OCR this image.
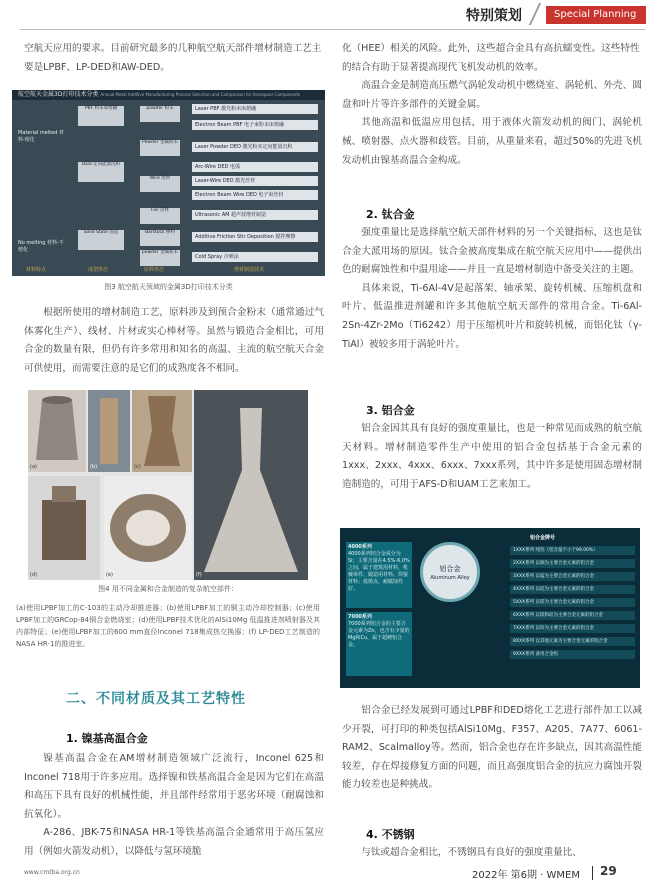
特别策划	Special Planning

空航天应用的要求。目前研究最多的几种航空航天部件增材制造工艺主要是LPBF、LP-DED和AW-DED。

航空航天金属3D打印技术分类 Annual Metal Additive Manufacturing Process Selection and Comparison for Aerospace Components
Material melted 材料-熔化
No melting 材料-不熔化
PBF 粉末床熔融
DED 定向能量沉积
Solid State 固态
powder 粉末
Powder 金属粉末
Wire 丝材
Foil 箔材
Barstock 棒料
powder 金属粉末
Laser PBF 激光粉末床熔融
Electron Beam PBF 电子束粉末床熔融
Laser Powder DED 激光粉末定向能量沉积
Arc-Wire DED 电弧
Laser-Wire DED 激光丝材
Electron Beam Wire DED 电子束丝材
Ultrasonic AM 超声波增材制造
Additive Friction Stir Deposition 搅拌摩擦
Cold Spray 冷喷涂
材料特点	成型形态	原料形态	增材制造技术
图3 航空航天领域的金属3D打印技术分类

根据所使用的增材制造工艺，原料涉及到预合金粉末（通常通过气体雾化生产）、线材、片材或实心棒材等。虽然与锻造合金相比，可用合金的数量有限，但仍有许多常用和知名的高温、主流的航空航天合金可供使用，而需要注意的是它们的成熟度各不相同。

(a)	(b)	(c)
(f)
(d)	(e)
图4 用不同金属和合金制造的复杂航空部件：
(a)使用LPBF加工的C-103的主动冷却推进器；(b)使用LPBF加工的铜主动冷却控制器；(c)使用LPBF加工的GRCop-84铜合金燃烧室；(d)使用LPBF技术优化的AlSi10Mg 低温推进剂喷射器及其内部特征；(e)使用LPBF加工的600 mm直径Inconel 718集成热交换器；(f) LP-DED工艺制造的NASA HR-1的推进室。
二、不同材质及其工艺特性
1. 镍基高温合金

镍基高温合金在AM增材制造领域广泛流行，Inconel 625和Inconel 718用于许多应用。选择镍和铁基高温合金是因为它们在高温和高压下具有良好的机械性能，并且部件经常用于恶劣环境（耐腐蚀和抗氧化）。

A-286、JBK-75和NASA HR-1等铁基高温合金通常用于高压氢应用（例如火箭发动机），以降低与氢环境脆

化（HEE）相关的风险。此外，这些超合金具有高抗蠕变性。这些特性的结合有助于显著提高现代飞机发动机的效率。

高温合金是制造高压燃气涡轮发动机中燃烧室、涡轮机、外壳、圆盘和叶片等许多部件的关键金属。

其他高温和低温应用包括，用于液体火箭发动机的阀门、涡轮机械、喷射器、点火器和歧管。目前，从重量来看，超过50%的先进飞机发动机由镍基高温合金构成。

2. 钛合金

强度重量比是选择航空航天部件材料的另一个关键指标，这也是钛合金大派用场的原因。钛合金被高度集成在航空航天应用中——提供出色的耐腐蚀性和中温用途——并且一直是增材制造中备受关注的主题。

具体来说，Ti-6Al-4V是起落架、轴承架、旋转机械、压缩机盘和叶片、低温推进剂罐和许多其他航空航天部件的常用合金。Ti-6Al-2Sn-4Zr-2Mo（Ti6242）用于压缩机叶片和旋转机械，而铝化钛（γ-TiAl）被较多用于涡轮叶片。

3. 铝合金

铝合金因其具有良好的强度重量比，也是一种常见而成熟的航空航天材料。增材制造零件生产中使用的铝合金包括基于合金元素的1xxx、2xxx、4xxx、6xxx、7xxx系列，其中许多是使用固态增材制造制造的，可用于AFS-D和UAM工艺来加工。

4000系列
4000系列铝合金成分为Si；主要含量在4.5%-6.0%之间，属于建筑用材料，机械零件、锻造用材料、焊接材料；低熔点、耐腐蚀性好。
7000系列
7000系列铝合金的主要合金元素为Zn，也含有少量的Mg和Cu，属于超硬铝合金。
铝合金
Aluminum Alloy
铝合金牌号
1XXX系列 纯铝（铝含量不小于99.00%）
2XXX系列 以铜为主要合金元素的铝合金
3XXX系列 以锰为主要合金元素的铝合金
4XXX系列 以硅为主要合金元素的铝合金
5XXX系列 以镁为主要合金元素的铝合金
6XXX系列 以镁和硅为主要合金元素的铝合金
7XXX系列 以锌为主要合金元素的铝合金
8XXX系列 以其他元素为主要合金元素的铝合金
9XXX系列 备用合金组

铝合金已经发展到可通过LPBF和DED熔化工艺进行部件加工以减少开裂，可打印的种类包括AlSi10Mg、F357、A205、7A77、6061-RAM2、Scalmalloy等。然而，铝合金也存在许多缺点，因其高温性能较差，存在焊接修复方面的问题，而且高强度铝合金的抗应力腐蚀开裂能力较差也是种挑战。

4. 不锈钢

与钛或超合金相比，不锈钢具有良好的强度重量比、

www.cmtba.org.cn	2022年 第6期 · WMEM 29
